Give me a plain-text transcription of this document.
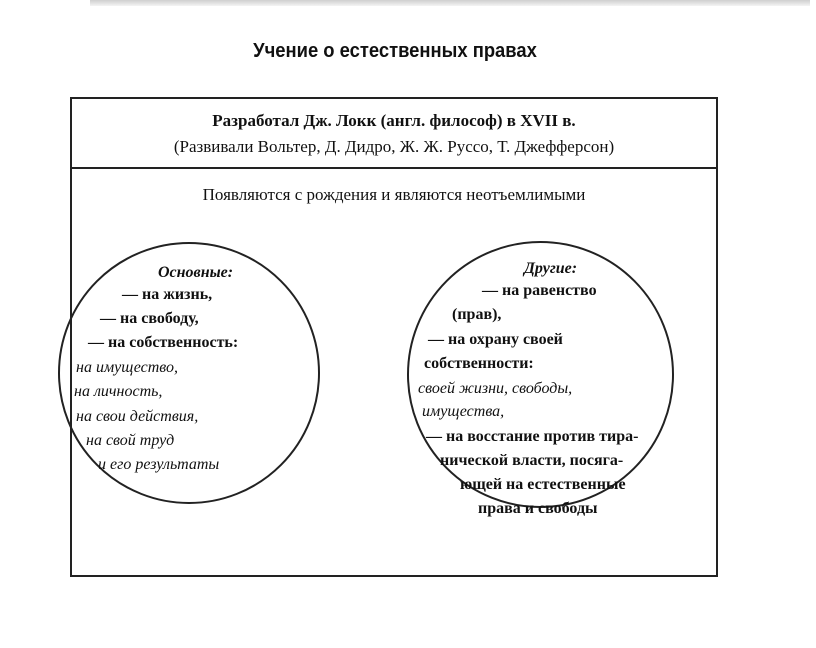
Учение о естественных правах
Разработал Дж. Локк (англ. философ) в XVII в.
(Развивали Вольтер, Д. Дидро, Ж. Ж. Руссо, Т. Джефферсон)
Появляются с рождения и являются неотъемлимыми
Основные:
— на жизнь,
— на свободу,
— на собственность:
на имущество,
на личность,
на свои действия,
на свой труд
и его результаты
Другие:
— на равенство
(прав),
— на охрану своей
собственности:
своей жизни, свободы,
имущества,
— на восстание против тира-
нической власти, посяга-
ющей на естественные
права и свободы
